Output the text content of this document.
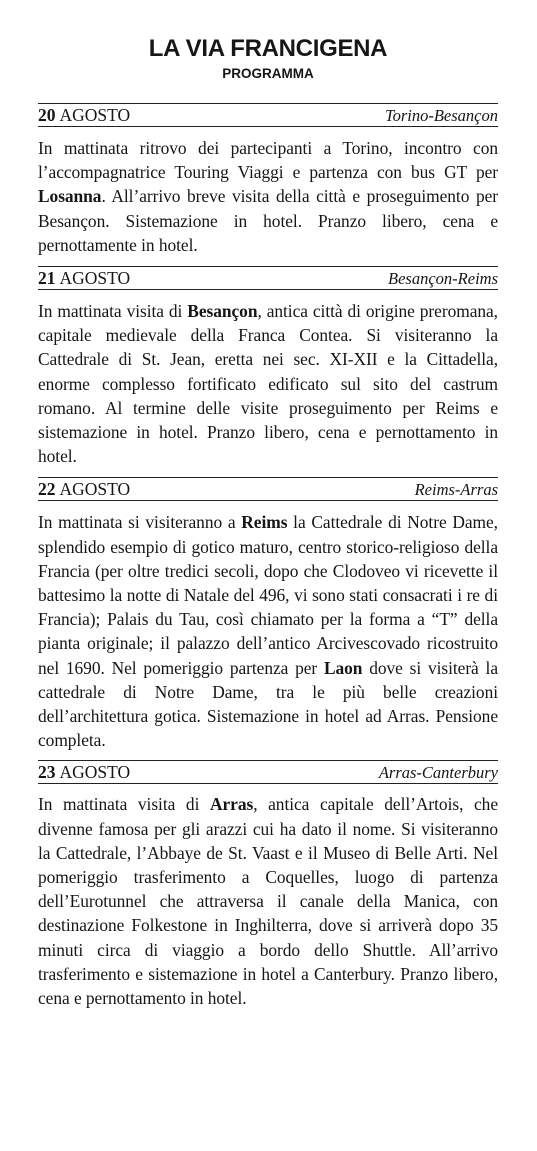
LA VIA FRANCIGENA
PROGRAMMA
20 AGOSTO	Torino-Besançon

In mattinata ritrovo dei partecipanti a Torino, incontro con l’accompagnatrice Touring Viaggi e partenza con bus GT per Losanna. All’arrivo breve visita della città e proseguimento per Besançon. Sistemazione in hotel. Pranzo libero, cena e pernottamente in hotel.

21 AGOSTO	Besançon-Reims

In mattinata visita di Besançon, antica città di origine preromana, capitale medievale della Franca Contea. Si visiteranno la Cattedrale di St. Jean, eretta nei sec. XI-XII e la Cittadella, enorme complesso fortificato edificato sul sito del castrum romano. Al termine delle visite proseguimento per Reims e sistemazione in hotel. Pranzo libero, cena e pernottamento in hotel.

22 AGOSTO	Reims-Arras

In mattinata si visiteranno a Reims la Cattedrale di Notre Dame, splendido esempio di gotico maturo, centro storico-religioso della Francia (per oltre tredici secoli, dopo che Clodoveo vi ricevette il battesimo la notte di Natale del 496, vi sono stati consacrati i re di Francia); Palais du Tau, così chiamato per la forma a “T” della pianta originale; il palazzo dell’antico Arcivescovado ricostruito nel 1690. Nel pomeriggio partenza per Laon dove si visiterà la cattedrale di Notre Dame, tra le più belle creazioni dell’architettura gotica. Sistemazione in hotel ad Arras. Pensione completa.

23 AGOSTO	Arras-Canterbury

In mattinata visita di Arras, antica capitale dell’Artois, che divenne famosa per gli arazzi cui ha dato il nome. Si visiteranno la Cattedrale, l’Abbaye de St. Vaast e il Museo di Belle Arti. Nel pomeriggio trasferimento a Coquelles, luogo di partenza dell’Eurotunnel che attraversa il canale della Manica, con destinazione Folkestone in Inghilterra, dove si arriverà dopo 35 minuti circa di viaggio a bordo dello Shuttle. All’arrivo trasferimento e sistemazione in hotel a Canterbury. Pranzo libero, cena e pernottamento in hotel.
